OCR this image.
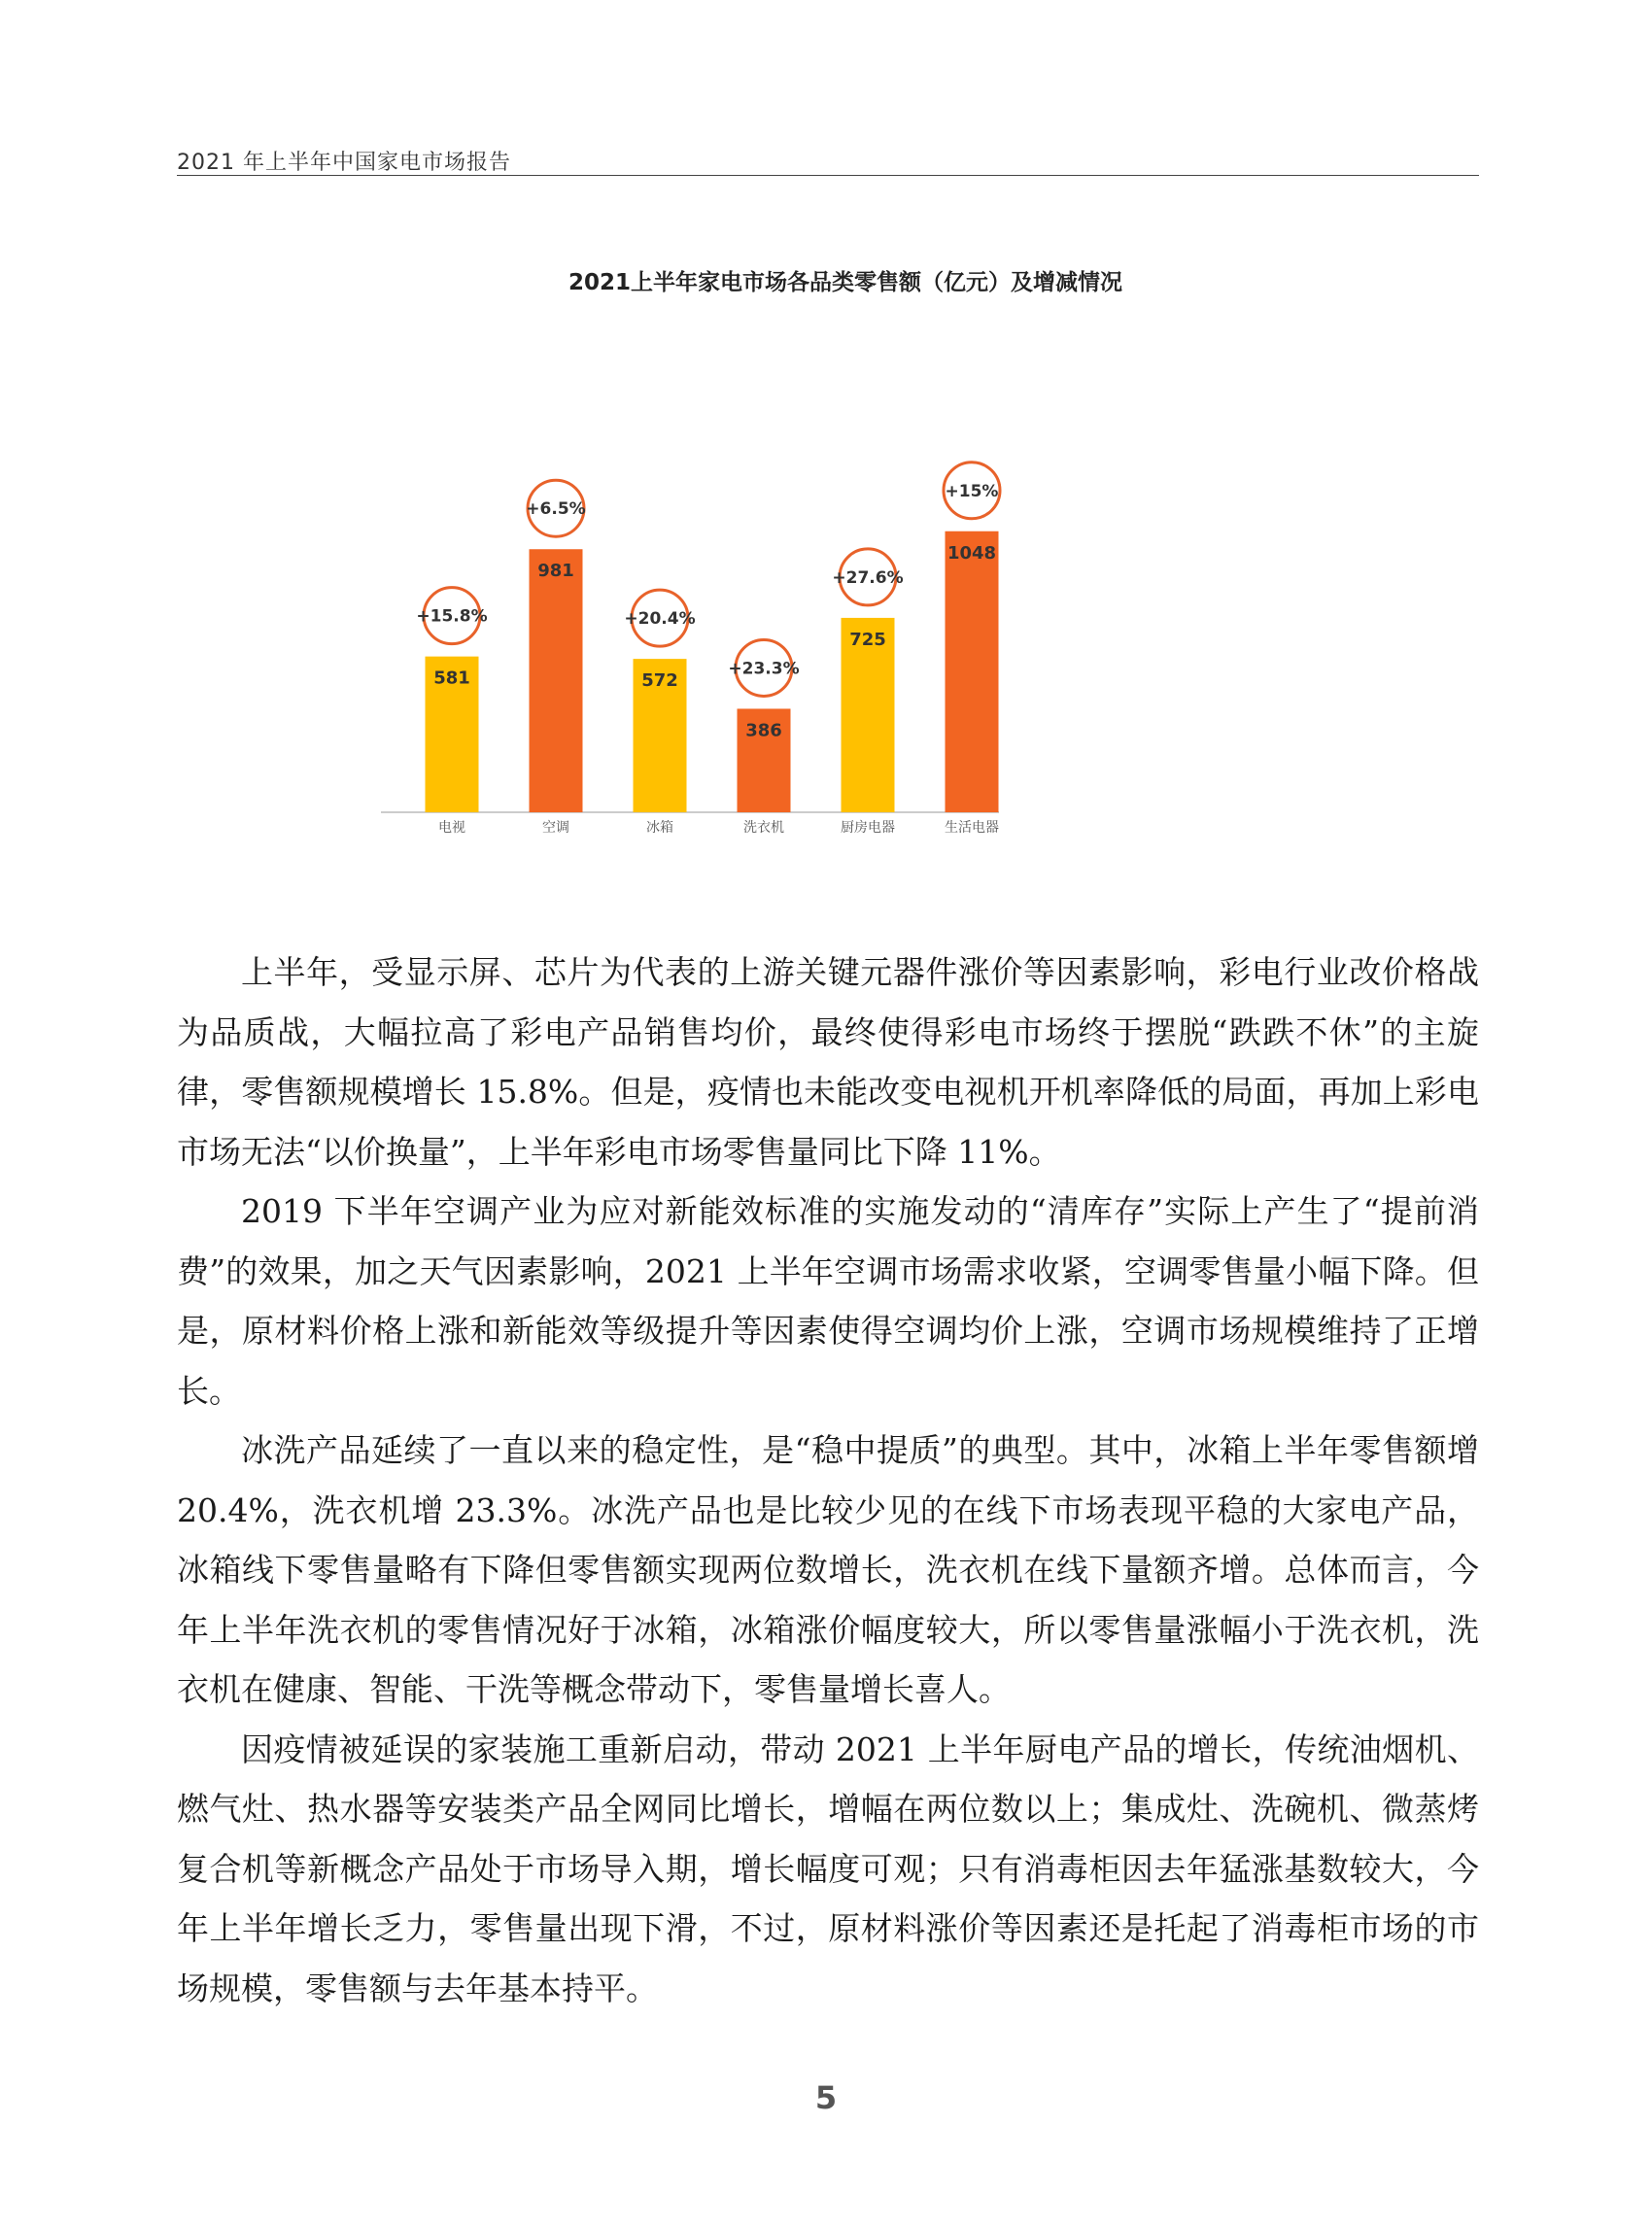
2021 年上半年中国家电市场报告
2021上半年家电市场各品类零售额（亿元）及增减情况
581
+15.8%
电视
981
+6.5%
空调
572
+20.4%
冰箱
386
+23.3%
洗衣机
725
+27.6%
厨房电器
1048
+15%
生活电器

上半年，受显示屏、芯片为代表的上游关键元器件涨价等因素影响，彩电行业改价格战为品质战，大幅拉高了彩电产品销售均价，最终使得彩电市场终于摆脱“跌跌不休”的主旋律，零售额规模增长 15.8%。但是，疫情也未能改变电视机开机率降低的局面，再加上彩电市场无法“以价换量”，上半年彩电市场零售量同比下降 11%。

2019 下半年空调产业为应对新能效标准的实施发动的“清库存”实际上产生了“提前消费”的效果，加之天气因素影响，2021 上半年空调市场需求收紧，空调零售量小幅下降。但是，原材料价格上涨和新能效等级提升等因素使得空调均价上涨，空调市场规模维持了正增长。

冰洗产品延续了一直以来的稳定性，是“稳中提质”的典型。其中，冰箱上半年零售额增 20.4%，洗衣机增 23.3%。冰洗产品也是比较少见的在线下市场表现平稳的大家电产品，冰箱线下零售量略有下降但零售额实现两位数增长，洗衣机在线下量额齐增。总体而言，今年上半年洗衣机的零售情况好于冰箱，冰箱涨价幅度较大，所以零售量涨幅小于洗衣机，洗衣机在健康、智能、干洗等概念带动下，零售量增长喜人。

因疫情被延误的家装施工重新启动，带动 2021 上半年厨电产品的增长，传统油烟机、燃气灶、热水器等安装类产品全网同比增长，增幅在两位数以上；集成灶、洗碗机、微蒸烤复合机等新概念产品处于市场导入期，增长幅度可观；只有消毒柜因去年猛涨基数较大，今年上半年增长乏力，零售量出现下滑，不过，原材料涨价等因素还是托起了消毒柜市场的市场规模，零售额与去年基本持平。

5
